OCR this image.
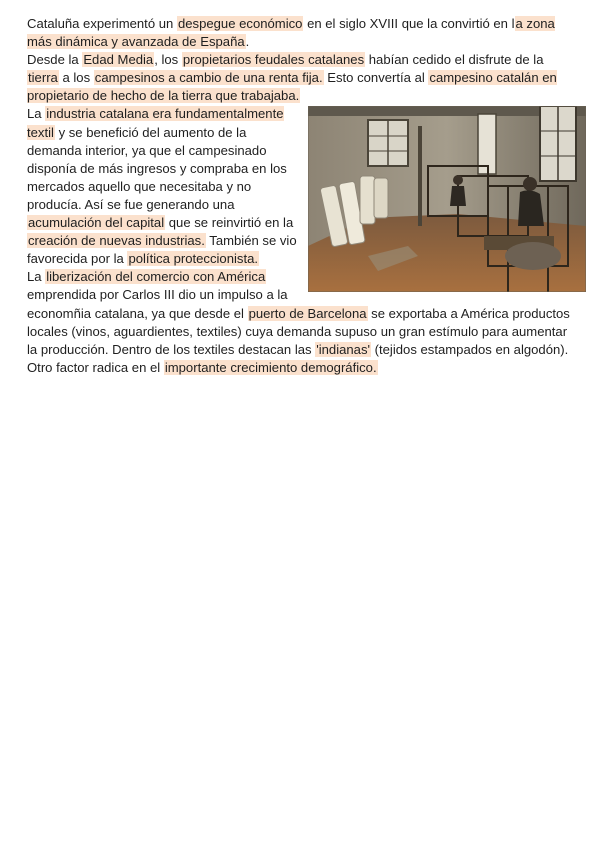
Cataluña experimentó un despegue económico en el siglo XVIII que la convirtió en la zona más dinámica y avanzada de España.

Desde la Edad Media, los propietarios feudales catalanes habían cedido el disfrute de la tierra a los campesinos a cambio de una renta fija. Esto convertía al campesino catalán en propietario de hecho de la tierra que trabajaba.

La industria catalana era fundamentalmente textil y se benefició del aumento de la demanda interior, ya que el campesinado disponía de más ingresos y compraba en los mercados aquello que necesitaba y no producía. Así se fue generando una acumulación del capital que se reinvirtió en la creación de nuevas industrias. También se vio favorecida por la política proteccionista.

La liberización del comercio con América emprendida por Carlos III dio un impulso a la economñia catalana, ya que desde el puerto de Barcelona se exportaba a América productos locales (vinos, aguardientes, textiles) cuya demanda supuso un gran estímulo para aumentar la producción. Dentro de los textiles destacan las 'indianas' (tejidos estampados en algodón).

Otro factor radica en el importante crecimiento demográfico.
